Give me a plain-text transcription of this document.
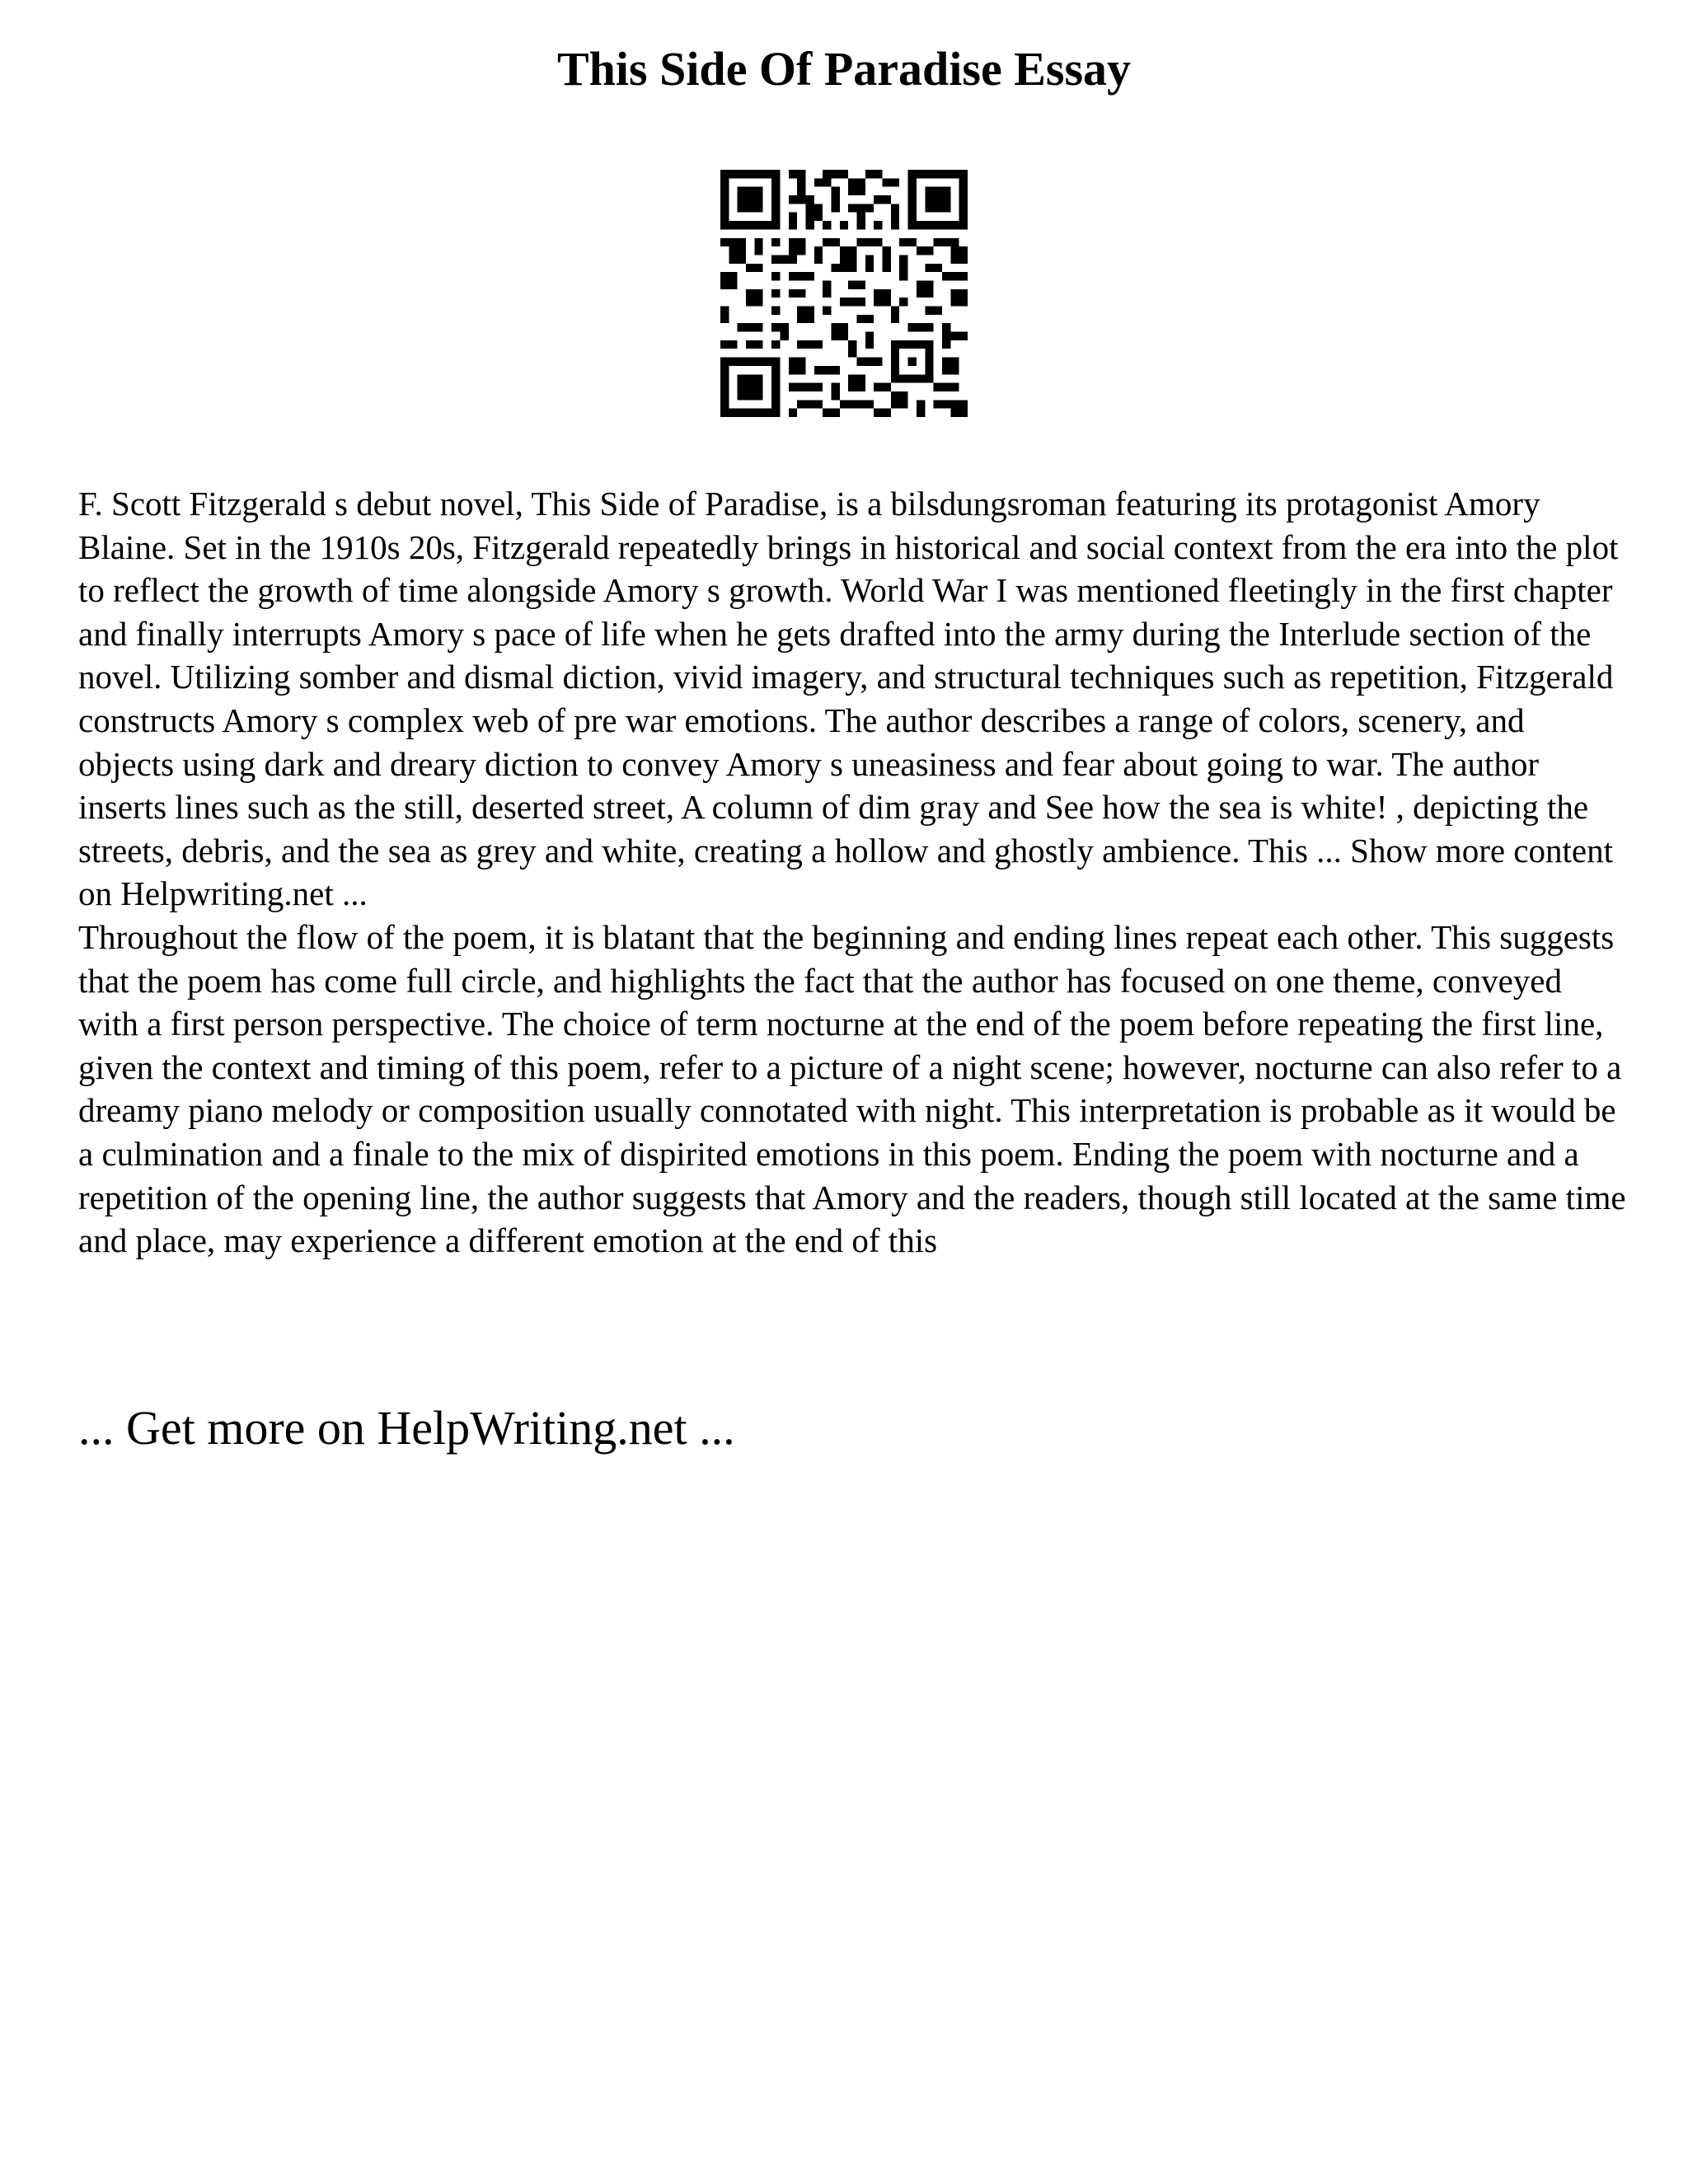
This Side Of Paradise Essay

F. Scott Fitzgerald s debut novel, This Side of Paradise, is a bilsdungsroman featuring its protagonist Amory Blaine. Set in the 1910s 20s, Fitzgerald repeatedly brings in historical and social context from the era into the plot to reflect the growth of time alongside Amory s growth. World War I was mentioned fleetingly in the first chapter and finally interrupts Amory s pace of life when he gets drafted into the army during the Interlude section of the novel. Utilizing somber and dismal diction, vivid imagery, and structural techniques such as repetition, Fitzgerald constructs Amory s complex web of pre war emotions. The author describes a range of colors, scenery, and objects using dark and dreary diction to convey Amory s uneasiness and fear about going to war. The author inserts lines such as the still, deserted street, A column of dim gray and See how the sea is white! , depicting the streets, debris, and the sea as grey and white, creating a hollow and ghostly ambience. This ... Show more content on Helpwriting.net ...

Throughout the flow of the poem, it is blatant that the beginning and ending lines repeat each other. This suggests that the poem has come full circle, and highlights the fact that the author has focused on one theme, conveyed with a first person perspective. The choice of term nocturne at the end of the poem before repeating the first line, given the context and timing of this poem, refer to a picture of a night scene; however, nocturne can also refer to a dreamy piano melody or composition usually connotated with night. This interpretation is probable as it would be a culmination and a finale to the mix of dispirited emotions in this poem. Ending the poem with nocturne and a repetition of the opening line, the author suggests that Amory and the readers, though still located at the same time and place, may experience a different emotion at the end of this

... Get more on HelpWriting.net ...
